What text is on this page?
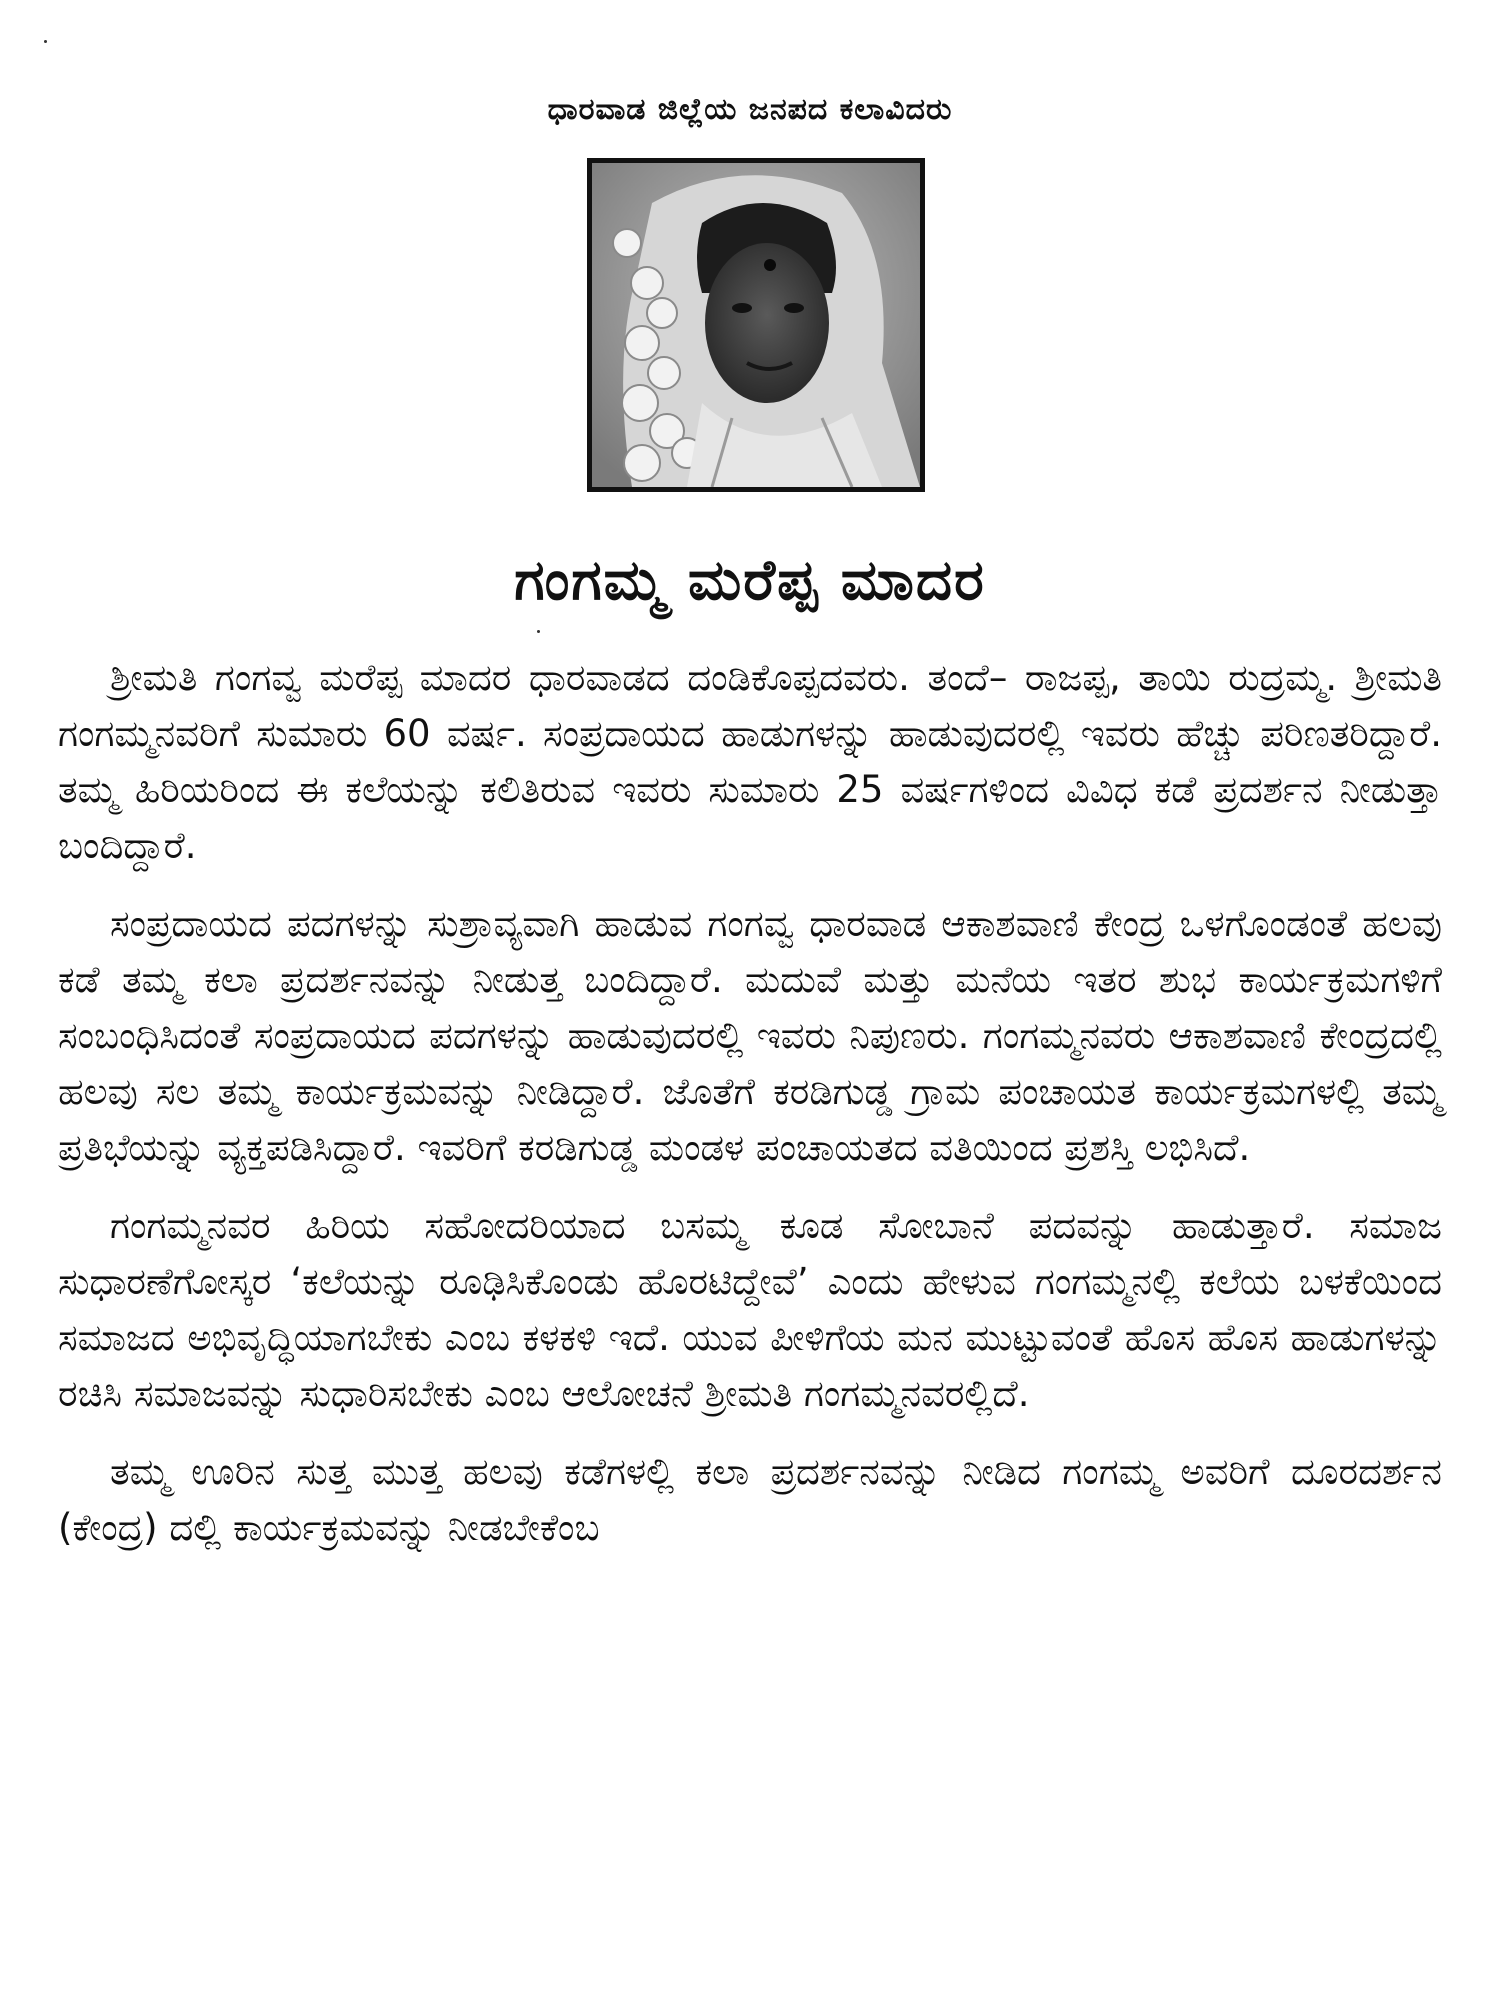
ಧಾರವಾಡ ಜಿಲ್ಲೆಯ ಜನಪದ ಕಲಾವಿದರು
ಗಂಗಮ್ಮ ಮರೆಪ್ಪ ಮಾದರ

ಶ್ರೀಮತಿ ಗಂಗವ್ವ ಮರೆಪ್ಪ ಮಾದರ ಧಾರವಾಡದ ದಂಡಿಕೊಪ್ಪದವರು. ತಂದೆ– ರಾಜಪ್ಪ, ತಾಯಿ ರುದ್ರಮ್ಮ. ಶ್ರೀಮತಿ ಗಂಗಮ್ಮನವರಿಗೆ ಸುಮಾರು 60 ವರ್ಷ. ಸಂಪ್ರದಾಯದ ಹಾಡುಗಳನ್ನು ಹಾಡುವುದರಲ್ಲಿ ಇವರು ಹೆಚ್ಚು ಪರಿಣತರಿದ್ದಾರೆ. ತಮ್ಮ ಹಿರಿಯರಿಂದ ಈ ಕಲೆಯನ್ನು ಕಲಿತಿರುವ ಇವರು ಸುಮಾರು 25 ವರ್ಷಗಳಿಂದ ವಿವಿಧ ಕಡೆ ಪ್ರದರ್ಶನ ನೀಡುತ್ತಾ ಬಂದಿದ್ದಾರೆ.

ಸಂಪ್ರದಾಯದ ಪದಗಳನ್ನು ಸುಶ್ರಾವ್ಯವಾಗಿ ಹಾಡುವ ಗಂಗವ್ವ ಧಾರವಾಡ ಆಕಾಶವಾಣಿ ಕೇಂದ್ರ ಒಳಗೊಂಡಂತೆ ಹಲವು ಕಡೆ ತಮ್ಮ ಕಲಾ ಪ್ರದರ್ಶನವನ್ನು ನೀಡುತ್ತ ಬಂದಿದ್ದಾರೆ. ಮದುವೆ ಮತ್ತು ಮನೆಯ ಇತರ ಶುಭ ಕಾರ್ಯಕ್ರಮಗಳಿಗೆ ಸಂಬಂಧಿಸಿದಂತೆ ಸಂಪ್ರದಾಯದ ಪದಗಳನ್ನು ಹಾಡುವುದರಲ್ಲಿ ಇವರು ನಿಪುಣರು. ಗಂಗಮ್ಮನವರು ಆಕಾಶವಾಣಿ ಕೇಂದ್ರದಲ್ಲಿ ಹಲವು ಸಲ ತಮ್ಮ ಕಾರ್ಯಕ್ರಮವನ್ನು ನೀಡಿದ್ದಾರೆ. ಜೊತೆಗೆ ಕರಡಿಗುಡ್ಡ ಗ್ರಾಮ ಪಂಚಾಯತ ಕಾರ್ಯಕ್ರಮಗಳಲ್ಲಿ ತಮ್ಮ ಪ್ರತಿಭೆಯನ್ನು ವ್ಯಕ್ತಪಡಿಸಿದ್ದಾರೆ. ಇವರಿಗೆ ಕರಡಿಗುಡ್ಡ ಮಂಡಳ ಪಂಚಾಯತದ ವತಿಯಿಂದ ಪ್ರಶಸ್ತಿ ಲಭಿಸಿದೆ.

ಗಂಗಮ್ಮನವರ ಹಿರಿಯ ಸಹೋದರಿಯಾದ ಬಸಮ್ಮ ಕೂಡ ಸೋಬಾನೆ ಪದವನ್ನು ಹಾಡುತ್ತಾರೆ. ಸಮಾಜ ಸುಧಾರಣೆಗೋಸ್ಕರ ‘ಕಲೆಯನ್ನು ರೂಢಿಸಿಕೊಂಡು ಹೊರಟಿದ್ದೇವೆ’ ಎಂದು ಹೇಳುವ ಗಂಗಮ್ಮನಲ್ಲಿ ಕಲೆಯ ಬಳಕೆಯಿಂದ ಸಮಾಜದ ಅಭಿವೃದ್ಧಿಯಾಗಬೇಕು ಎಂಬ ಕಳಕಳಿ ಇದೆ. ಯುವ ಪೀಳಿಗೆಯ ಮನ ಮುಟ್ಟುವಂತೆ ಹೊಸ ಹೊಸ ಹಾಡುಗಳನ್ನು ರಚಿಸಿ ಸಮಾಜವನ್ನು ಸುಧಾರಿಸಬೇಕು ಎಂಬ ಆಲೋಚನೆ ಶ್ರೀಮತಿ ಗಂಗಮ್ಮನವರಲ್ಲಿದೆ.

ತಮ್ಮ ಊರಿನ ಸುತ್ತ ಮುತ್ತ ಹಲವು ಕಡೆಗಳಲ್ಲಿ ಕಲಾ ಪ್ರದರ್ಶನವನ್ನು ನೀಡಿದ ಗಂಗಮ್ಮ ಅವರಿಗೆ ದೂರದರ್ಶನ (ಕೇಂದ್ರ) ದಲ್ಲಿ ಕಾರ್ಯಕ್ರಮವನ್ನು ನೀಡಬೇಕೆಂಬ
